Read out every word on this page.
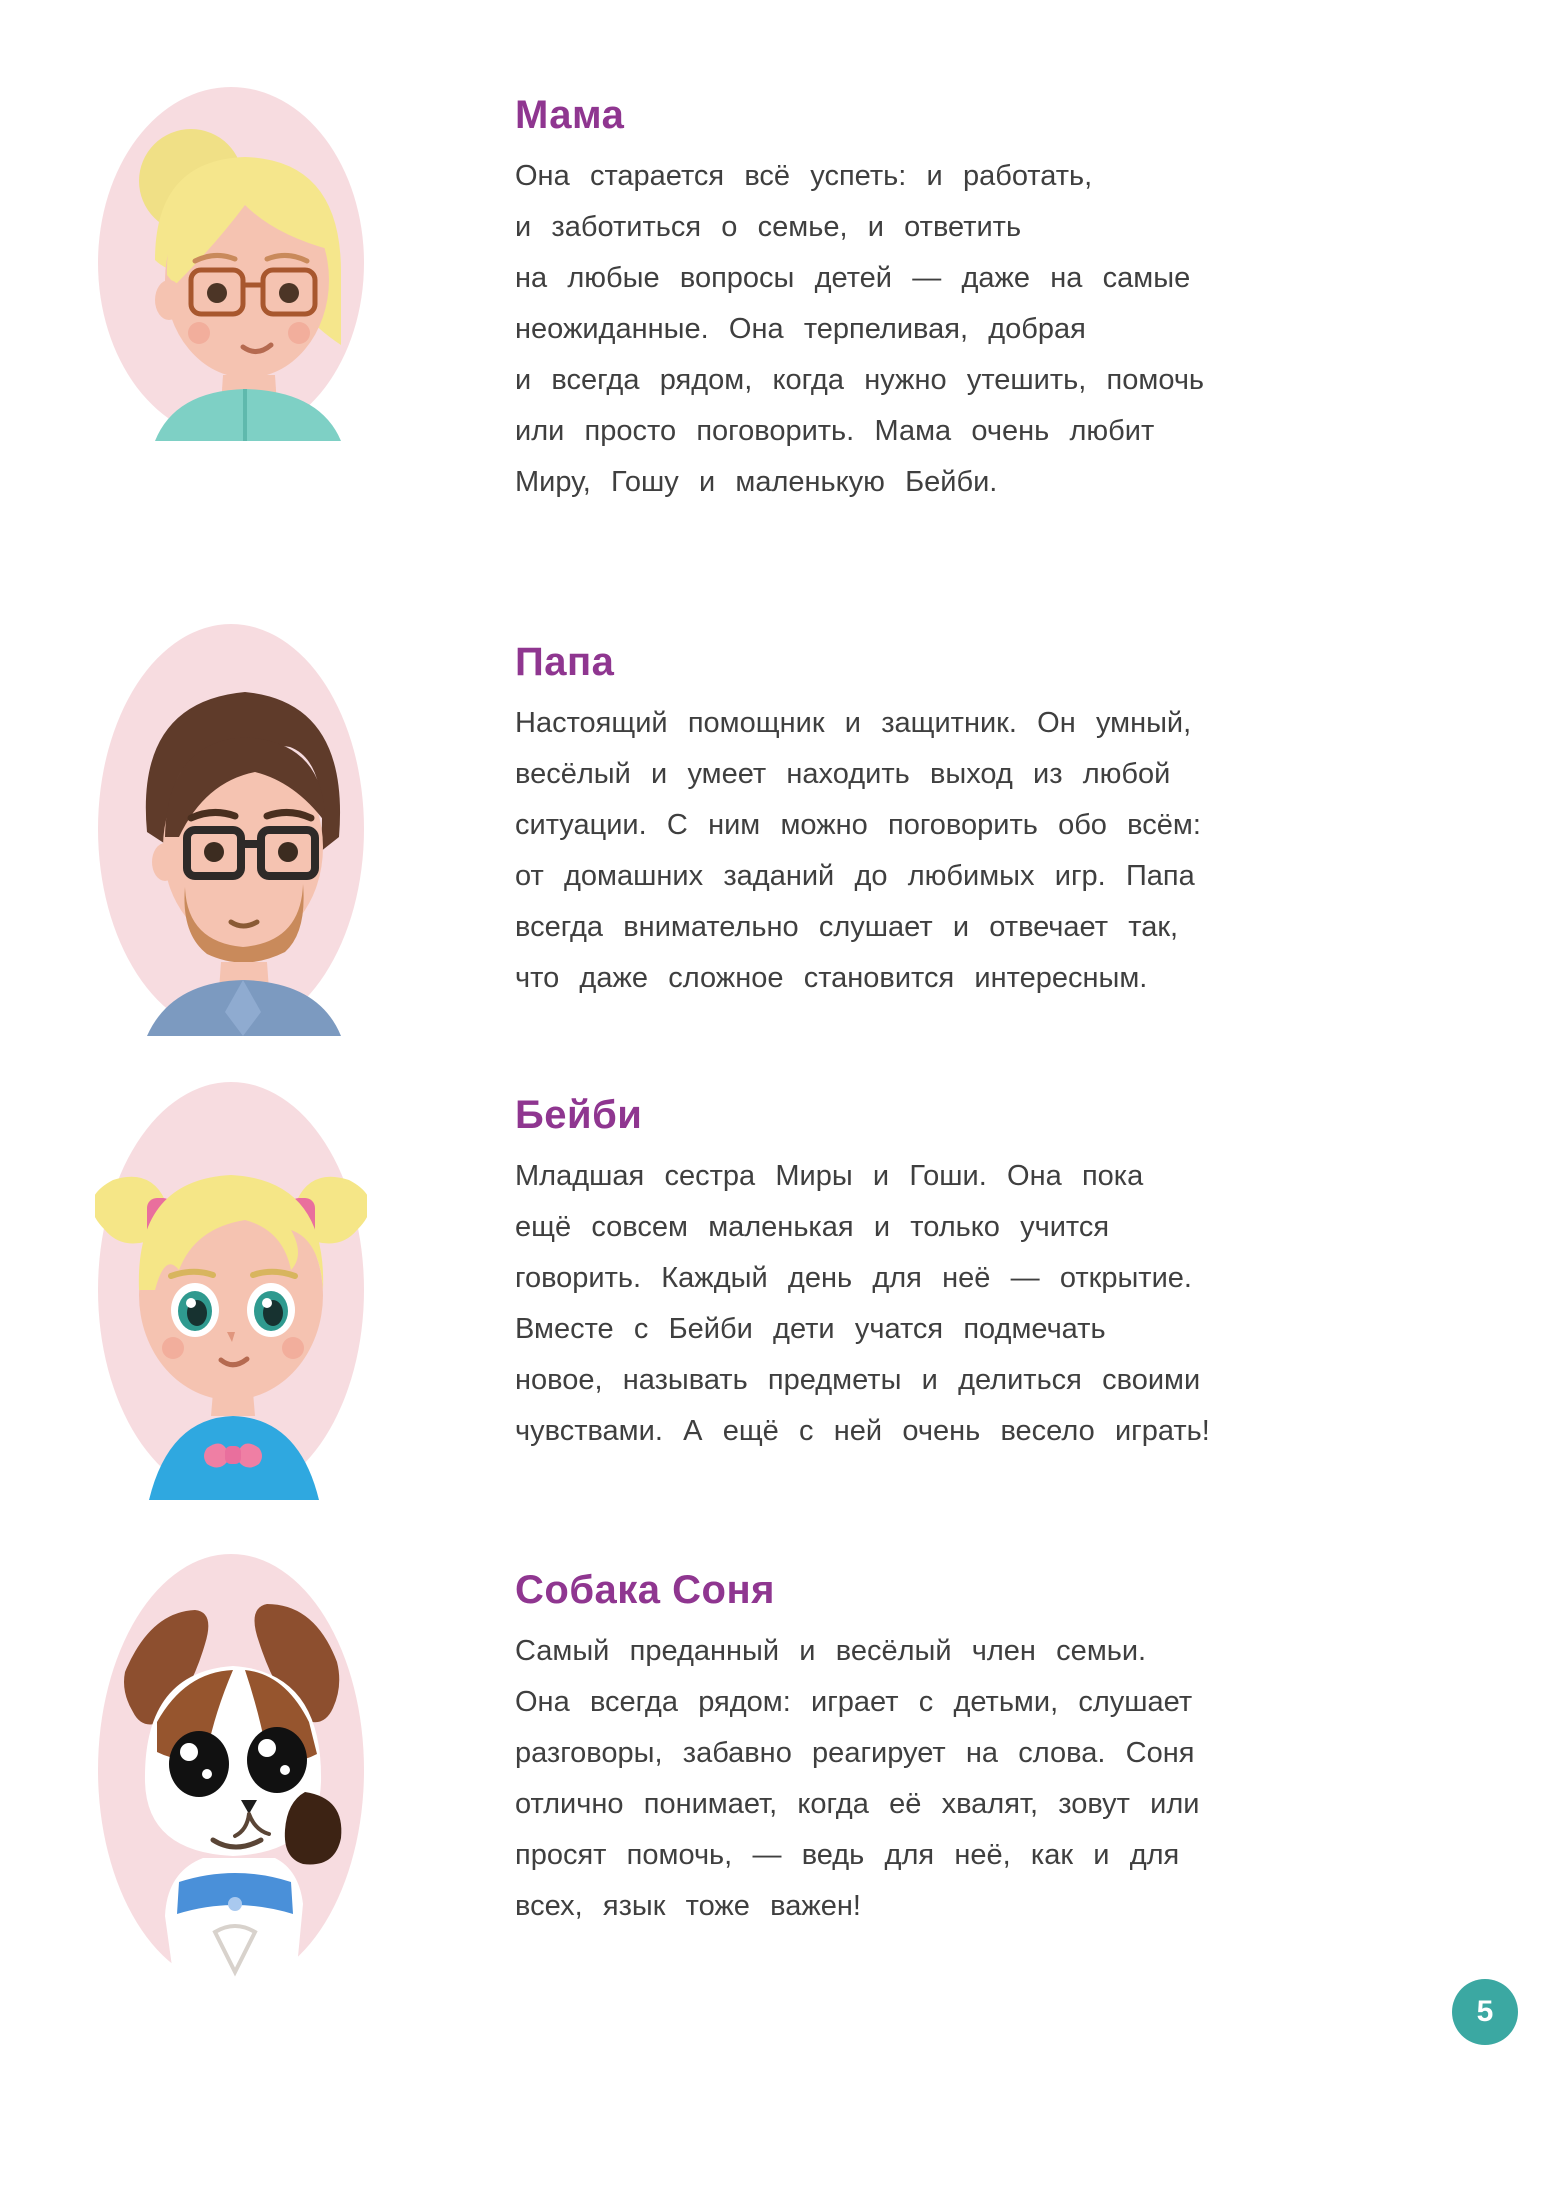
Мама
Она старается всё успеть: и работать,
и заботиться о семье, и ответить
на любые вопросы детей — даже на самые
неожиданные. Она терпеливая, добрая
и всегда рядом, когда нужно утешить, помочь
или просто поговорить. Мама очень любит
Миру, Гошу и маленькую Бейби.
Папа
Настоящий помощник и защитник. Он умный,
весёлый и умеет находить выход из любой
ситуации. С ним можно поговорить обо всём:
от домашних заданий до любимых игр. Папа
всегда внимательно слушает и отвечает так,
что даже сложное становится интересным.
Бейби
Младшая сестра Миры и Гоши. Она пока
ещё совсем маленькая и только учится
говорить. Каждый день для неё — открытие.
Вместе с Бейби дети учатся подмечать
новое, называть предметы и делиться своими
чувствами. А ещё с ней очень весело играть!
Собака Соня
Самый преданный и весёлый член семьи.
Она всегда рядом: играет с детьми, слушает
разговоры, забавно реагирует на слова. Соня
отлично понимает, когда её хвалят, зовут или
просят помочь, — ведь для неё, как и для
всех, язык тоже важен!
5
